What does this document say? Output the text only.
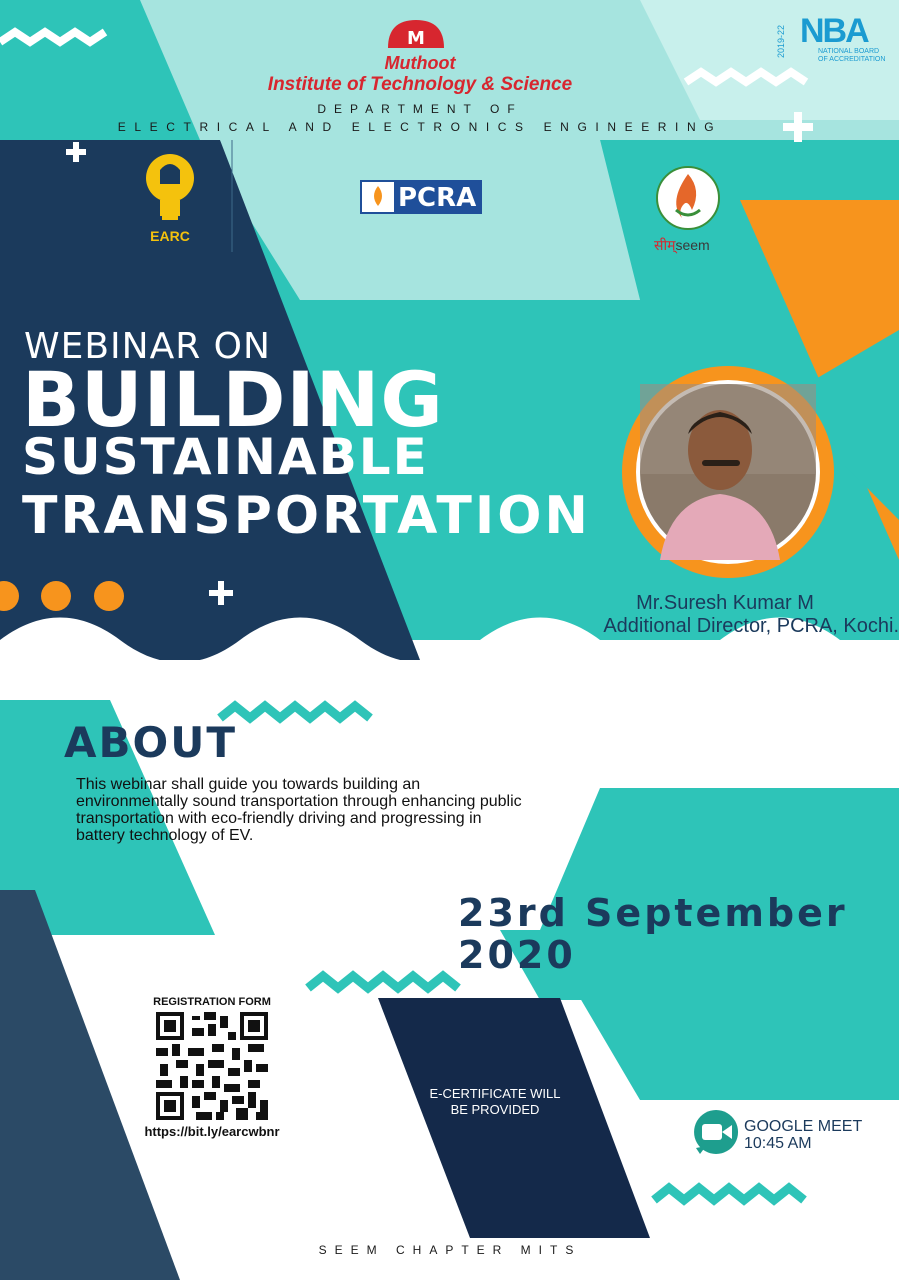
M
Muthoot
Institute of Technology & Science
DEPARTMENT OF
ELECTRICAL AND ELECTRONICS ENGINEERING
2019-22 NBA
NATIONAL BOARD OF ACCREDITATION
EARC
PCRA
सीम्seem
WEBINAR ON
BUILDING
SUSTAINABLE
TRANSPORTATION
Mr.Suresh Kumar M
Additional Director, PCRA, Kochi.
ABOUT
This webinar shall guide you towards building an environmentally sound transportation through enhancing public transportation with eco-friendly driving and progressing in battery technology of EV.
23rd September
2020
REGISTRATION FORM
https://bit.ly/earcwbnr
E-CERTIFICATE WILL BE PROVIDED
GOOGLE MEET
10:45 AM
SEEM CHAPTER MITS
